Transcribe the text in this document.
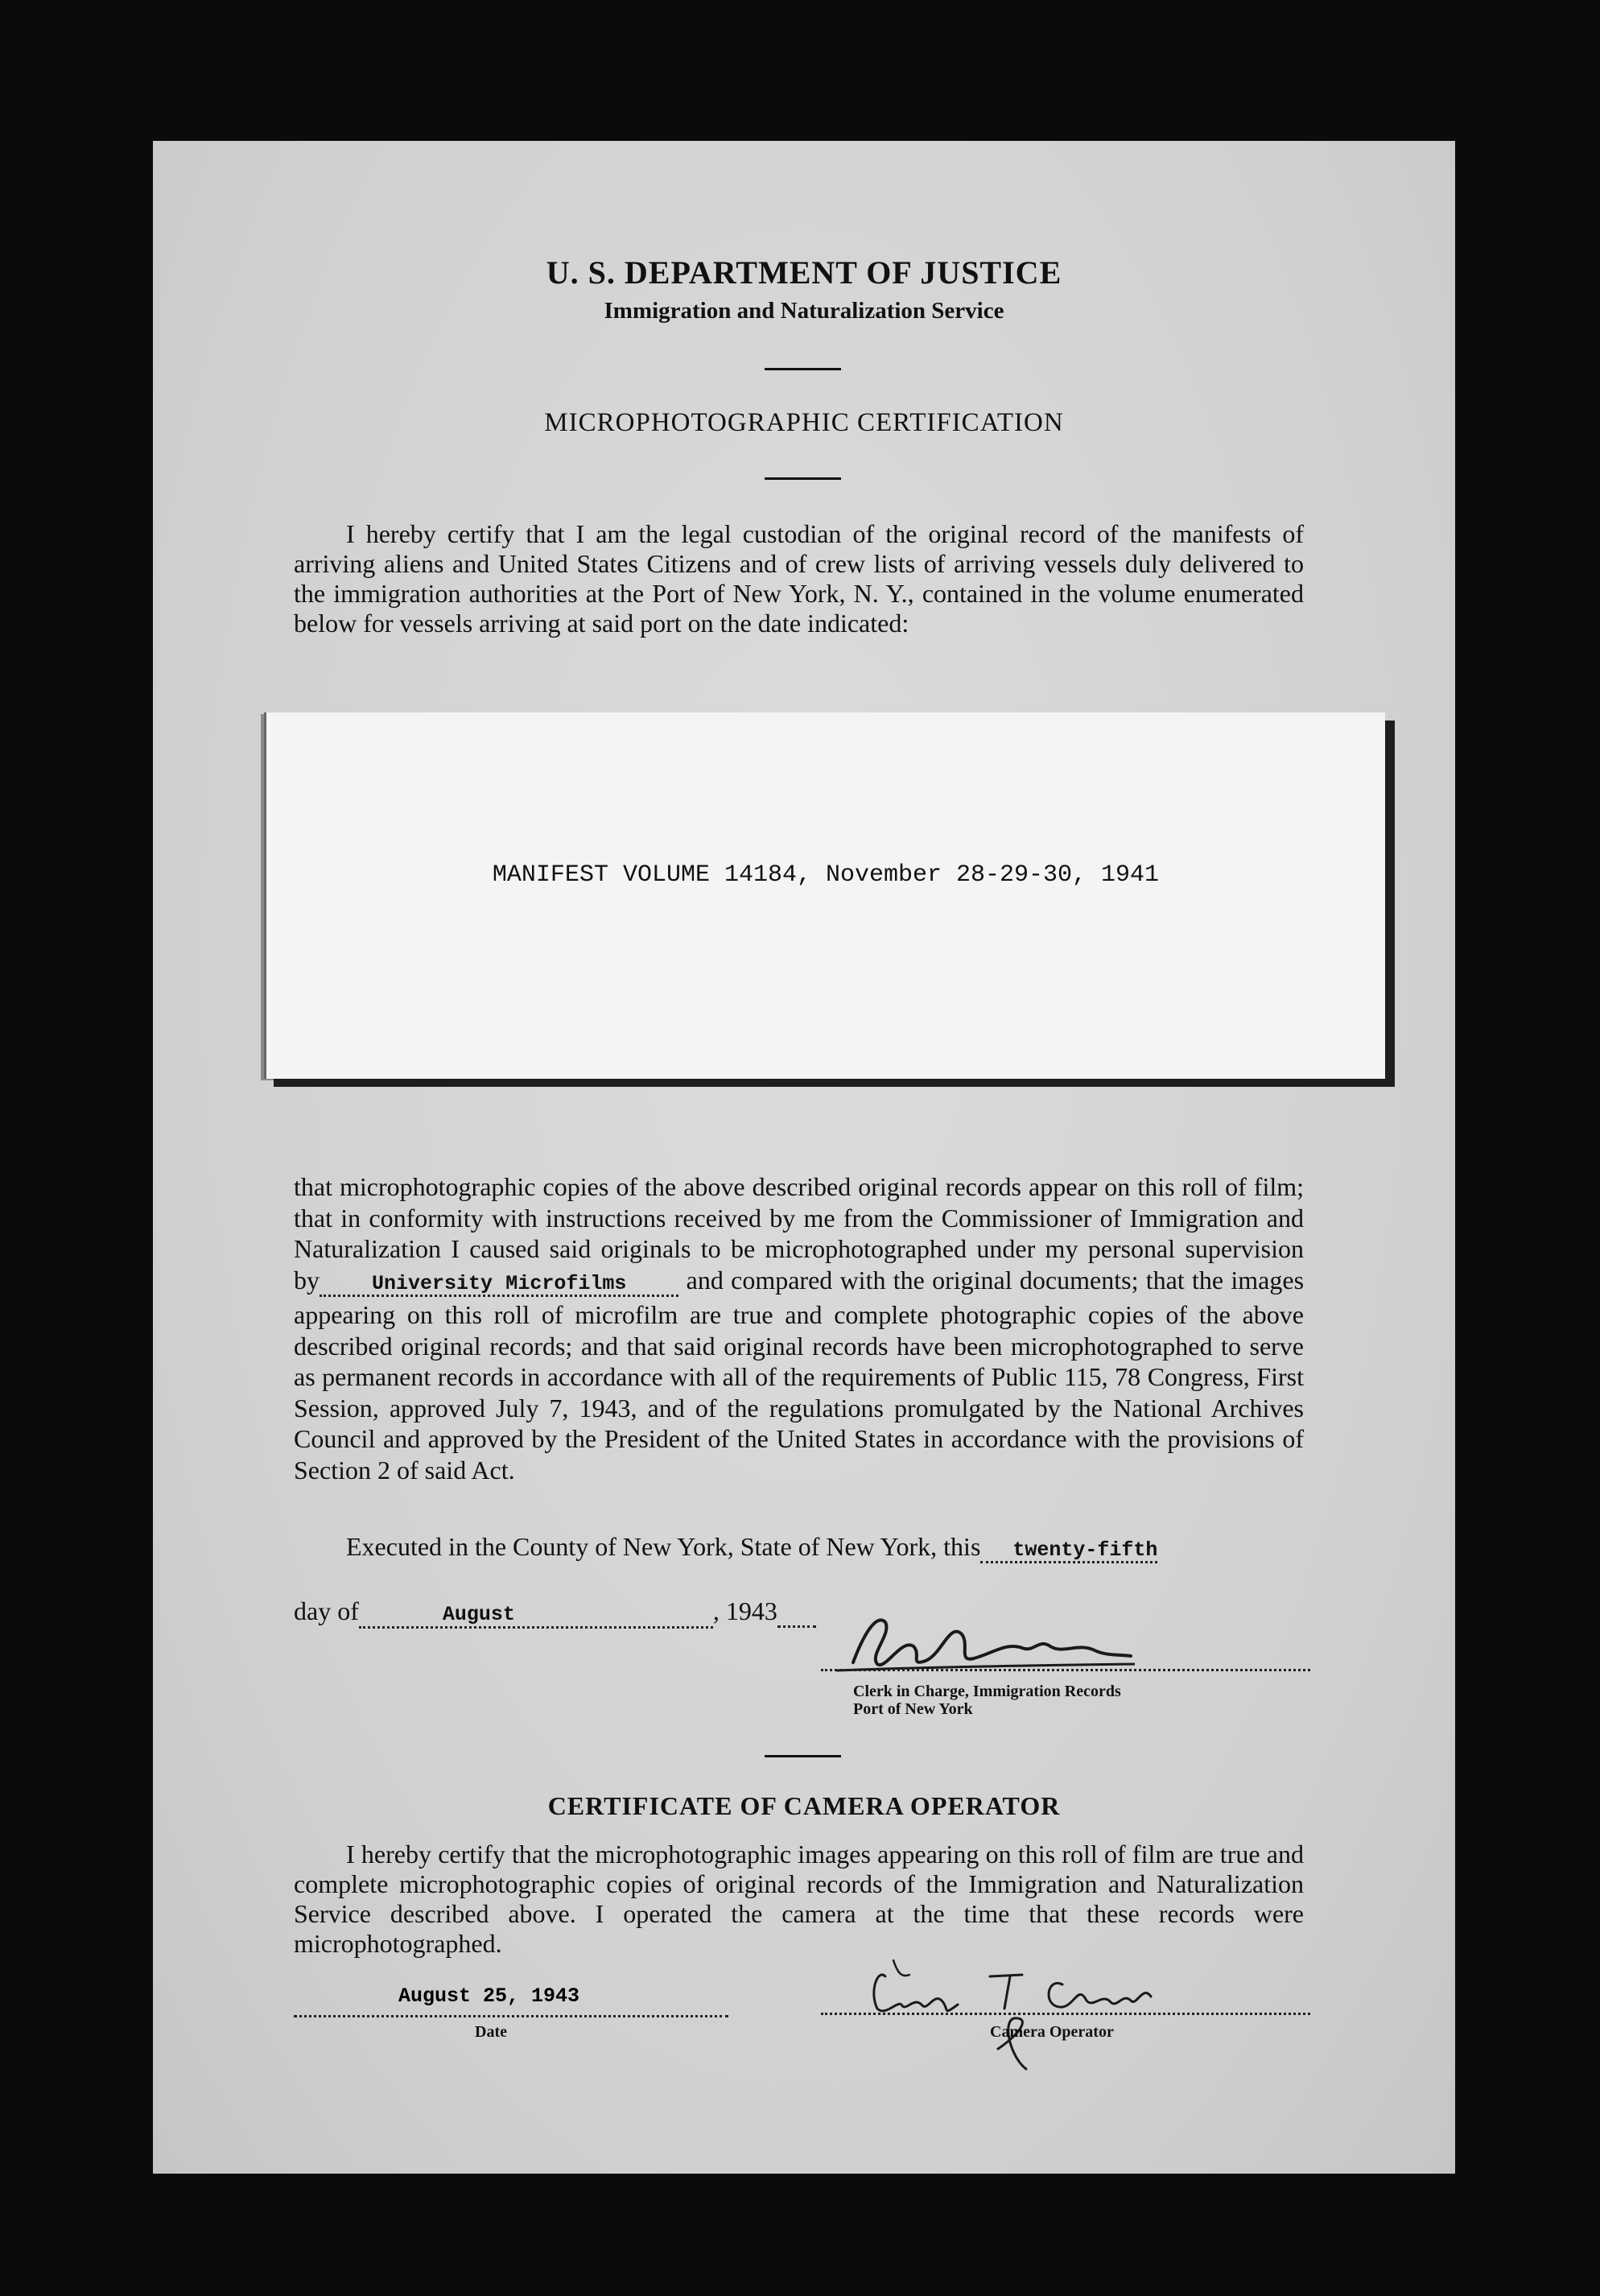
U. S. DEPARTMENT OF JUSTICE
Immigration and Naturalization Service
MICROPHOTOGRAPHIC CERTIFICATION
I hereby certify that I am the legal custodian of the original record of the manifests of arriving aliens and United States Citizens and of crew lists of arriving vessels duly delivered to the immigration authorities at the Port of New York, N. Y., contained in the volume enumerated below for vessels arriving at said port on the date indicated:
MANIFEST VOLUME 14184, November 28-29-30, 1941
that microphotographic copies of the above described original records appear on this roll of film; that in conformity with instructions received by me from the Commissioner of Immigration and Naturalization I caused said originals to be microphotographed under my personal supervision by	University Microfilms and compared with the original documents; that the images appearing on this roll of microfilm are true and complete photographic copies of the above described original records; and that said original records have been microphotographed to serve as permanent records in accordance with all of the requirements of Public 115, 78 Congress, First Session, approved July 7, 1943, and of the regulations promulgated by the National Archives Council and approved by the President of the United States in accordance with the provisions of Section 2 of said Act.
Executed in the County of New York, State of New York, this twenty-fifth
day of	August	, 1943
Clerk in Charge, Immigration Records
Port of New York
CERTIFICATE OF CAMERA OPERATOR
I hereby certify that the microphotographic images appearing on this roll of film are true and complete microphotographic copies of original records of the Immigration and Naturalization Service described above. I operated the camera at the time that these records were microphotographed.
August 25, 1943
Date	Camera Operator
